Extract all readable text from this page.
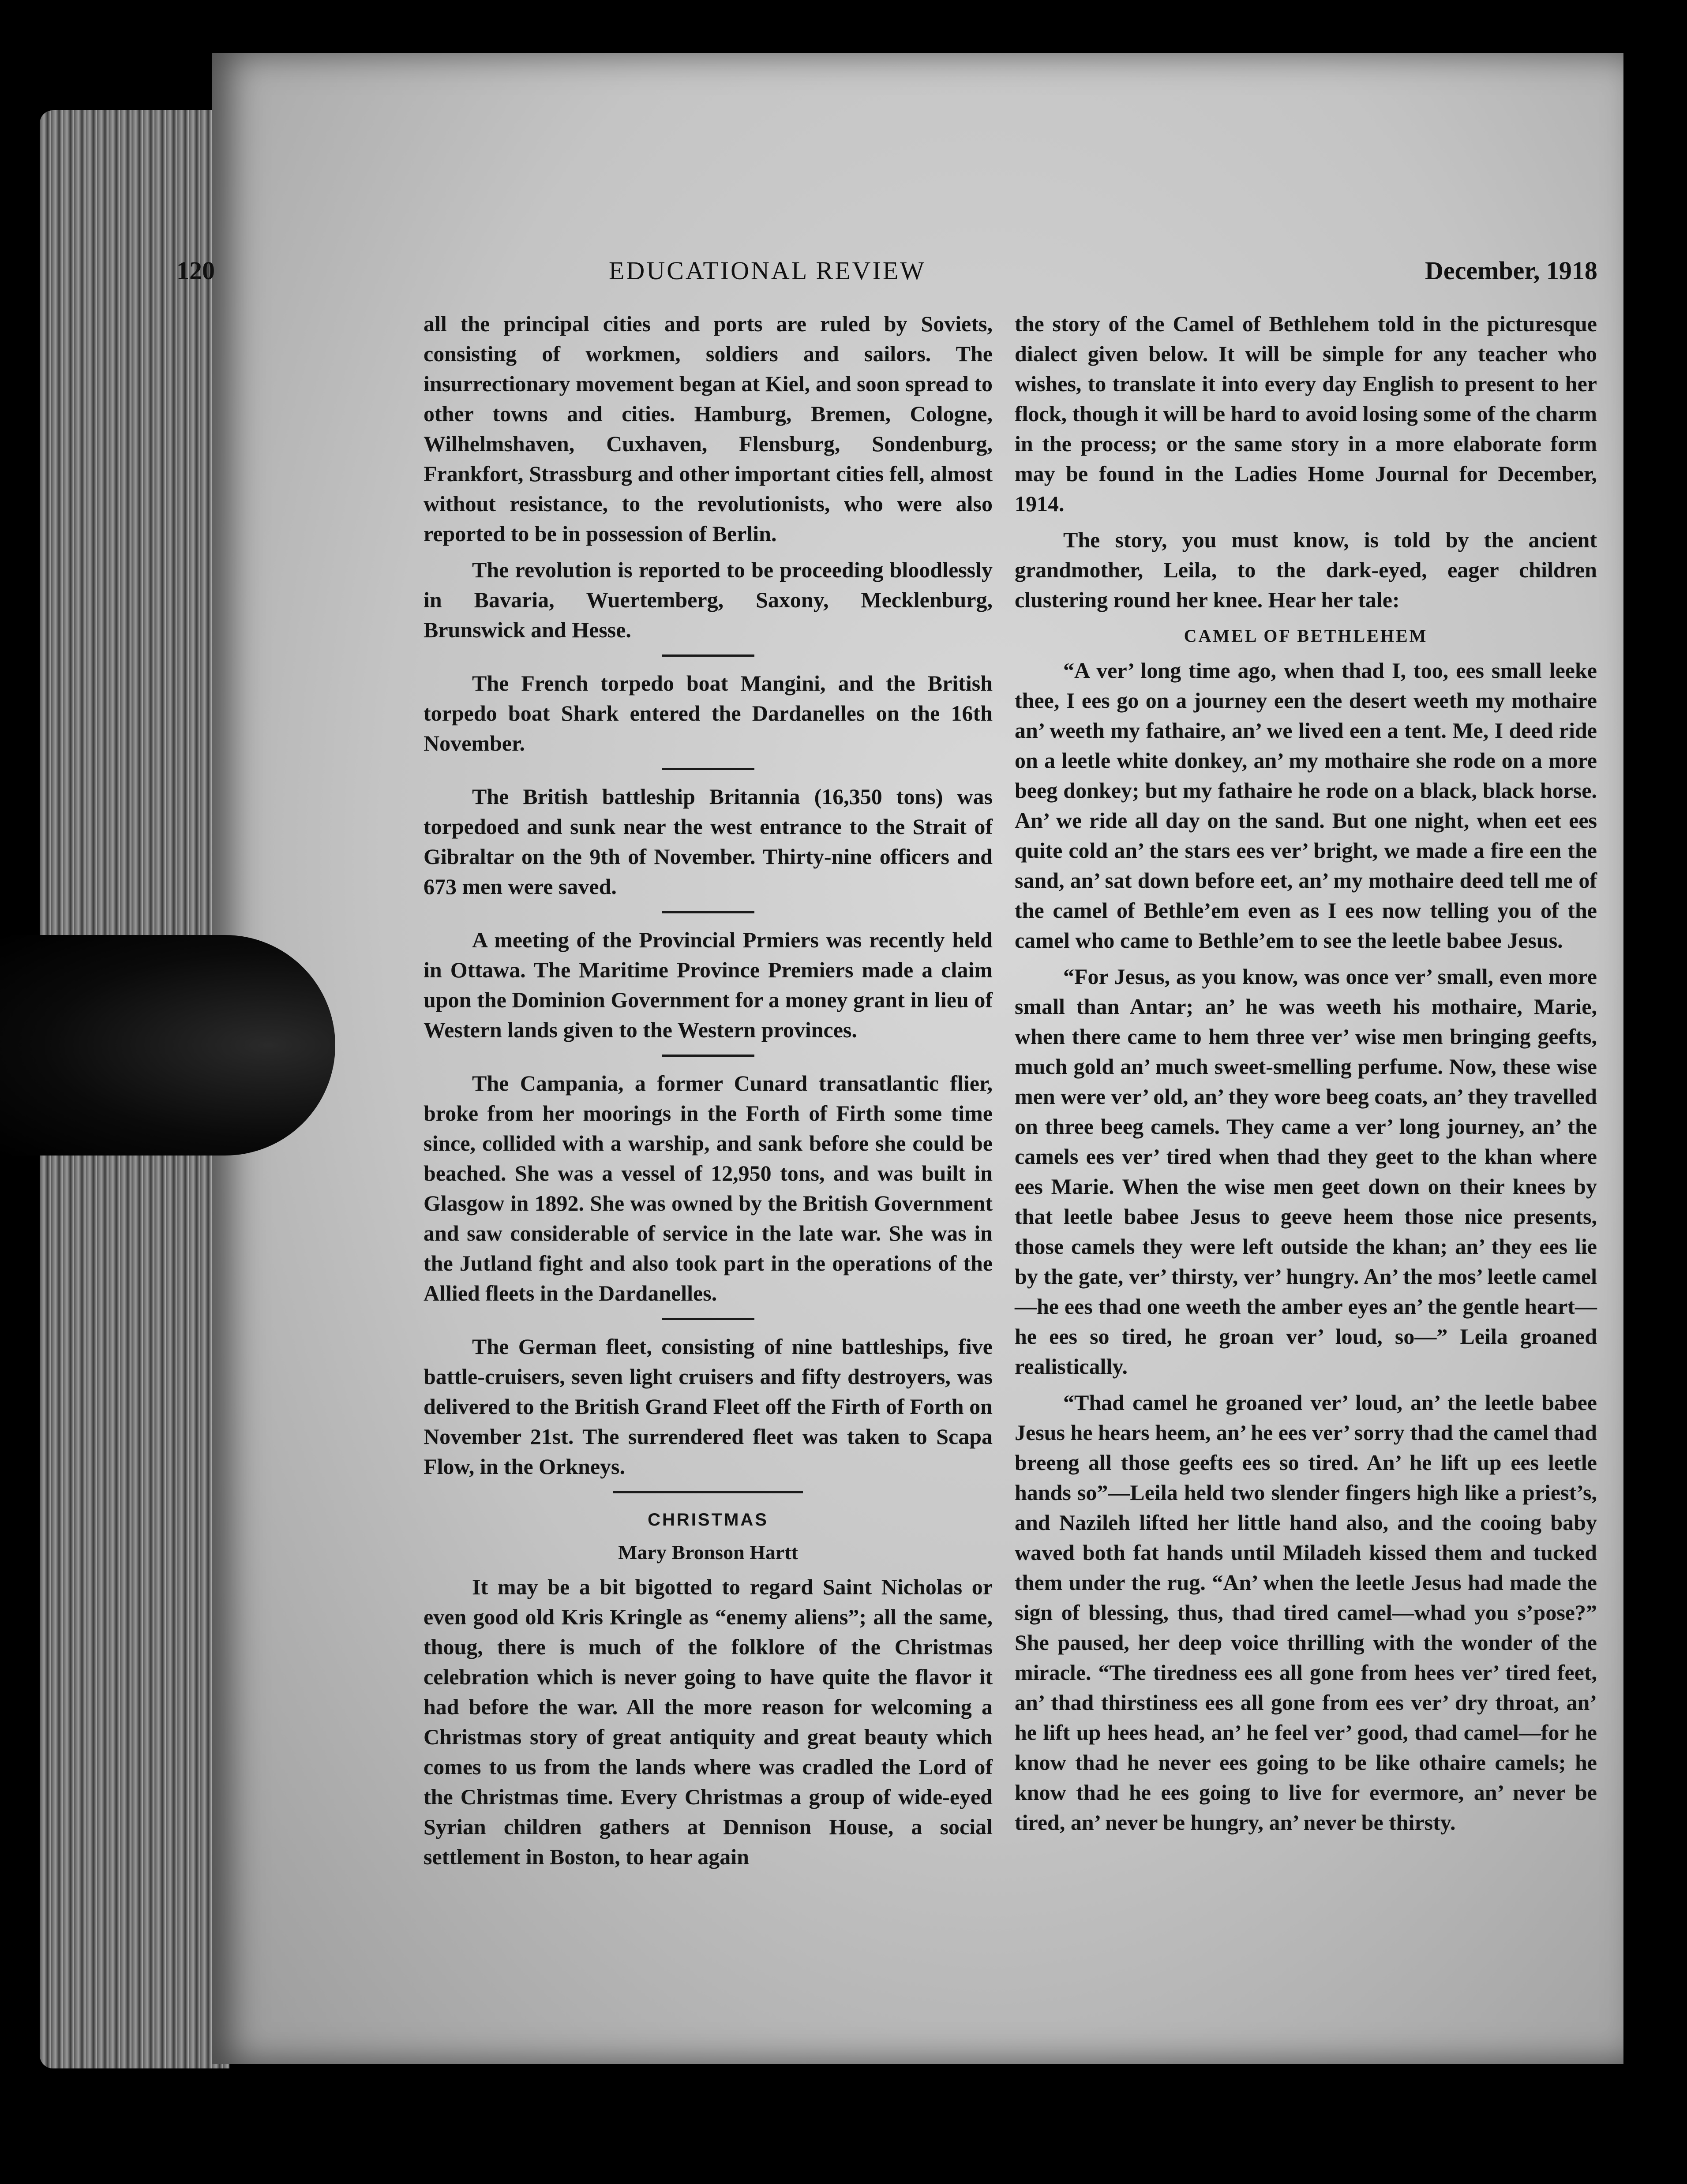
120	EDUCATIONAL REVIEW	December, 1918

all the principal cities and ports are ruled by Soviets, consisting of workmen, soldiers and sailors. The insurrectionary movement began at Kiel, and soon spread to other towns and cities. Hamburg, Bremen, Cologne, Wilhelmshaven, Cuxhaven, Flensburg, Sondenburg, Frankfort, Strassburg and other important cities fell, almost without resistance, to the revolutionists, who were also reported to be in possession of Berlin.

The revolution is reported to be proceeding bloodlessly in Bavaria, Wuertemberg, Saxony, Mecklenburg, Brunswick and Hesse.

The French torpedo boat Mangini, and the British torpedo boat Shark entered the Dardanelles on the 16th November.

The British battleship Britannia (16,350 tons) was torpedoed and sunk near the west entrance to the Strait of Gibraltar on the 9th of November. Thirty-nine officers and 673 men were saved.

A meeting of the Provincial Prmiers was recently held in Ottawa. The Maritime Province Premiers made a claim upon the Dominion Government for a money grant in lieu of Western lands given to the Western provinces.

The Campania, a former Cunard transatlantic flier, broke from her moorings in the Forth of Firth some time since, collided with a warship, and sank before she could be beached. She was a vessel of 12,950 tons, and was built in Glasgow in 1892. She was owned by the British Government and saw considerable of service in the late war. She was in the Jutland fight and also took part in the operations of the Allied fleets in the Dardanelles.

The German fleet, consisting of nine battleships, five battle-cruisers, seven light cruisers and fifty destroyers, was delivered to the British Grand Fleet off the Firth of Forth on November 21st. The surrendered fleet was taken to Scapa Flow, in the Orkneys.

CHRISTMAS
Mary Bronson Hartt

It may be a bit bigotted to regard Saint Nicholas or even good old Kris Kringle as “enemy aliens”; all the same, thoug, there is much of the folklore of the Christmas celebration which is never going to have quite the flavor it had before the war. All the more reason for welcoming a Christmas story of great antiquity and great beauty which comes to us from the lands where was cradled the Lord of the Christmas time. Every Christmas a group of wide-eyed Syrian children gathers at Dennison House, a social settlement in Boston, to hear again

the story of the Camel of Bethlehem told in the picturesque dialect given below. It will be simple for any teacher who wishes, to translate it into every day English to present to her flock, though it will be hard to avoid losing some of the charm in the process; or the same story in a more elaborate form may be found in the Ladies Home Journal for December, 1914.

The story, you must know, is told by the ancient grandmother, Leila, to the dark-eyed, eager children clustering round her knee. Hear her tale:

CAMEL OF BETHLEHEM

“A ver’ long time ago, when thad I, too, ees small leeke thee, I ees go on a journey een the desert weeth my mothaire an’ weeth my fathaire, an’ we lived een a tent. Me, I deed ride on a leetle white donkey, an’ my mothaire she rode on a more beeg donkey; but my fathaire he rode on a black, black horse. An’ we ride all day on the sand. But one night, when eet ees quite cold an’ the stars ees ver’ bright, we made a fire een the sand, an’ sat down before eet, an’ my mothaire deed tell me of the camel of Bethle’em even as I ees now telling you of the camel who came to Bethle’em to see the leetle babee Jesus.

“For Jesus, as you know, was once ver’ small, even more small than Antar; an’ he was weeth his mothaire, Marie, when there came to hem three ver’ wise men bringing geefts, much gold an’ much sweet-smelling perfume. Now, these wise men were ver’ old, an’ they wore beeg coats, an’ they travelled on three beeg camels. They came a ver’ long journey, an’ the camels ees ver’ tired when thad they geet to the khan where ees Marie. When the wise men geet down on their knees by that leetle babee Jesus to geeve heem those nice presents, those camels they were left outside the khan; an’ they ees lie by the gate, ver’ thirsty, ver’ hungry. An’ the mos’ leetle camel—he ees thad one weeth the amber eyes an’ the gentle heart—he ees so tired, he groan ver’ loud, so—” Leila groaned realistically.

“Thad camel he groaned ver’ loud, an’ the leetle babee Jesus he hears heem, an’ he ees ver’ sorry thad the camel thad breeng all those geefts ees so tired. An’ he lift up ees leetle hands so”—Leila held two slender fingers high like a priest’s, and Nazileh lifted her little hand also, and the cooing baby waved both fat hands until Miladeh kissed them and tucked them under the rug. “An’ when the leetle Jesus had made the sign of blessing, thus, thad tired camel—whad you s’pose?” She paused, her deep voice thrilling with the wonder of the miracle. “The tiredness ees all gone from hees ver’ tired feet, an’ thad thirstiness ees all gone from ees ver’ dry throat, an’ he lift up hees head, an’ he feel ver’ good, thad camel—for he know thad he never ees going to be like othaire camels; he know thad he ees going to live for evermore, an’ never be tired, an’ never be hungry, an’ never be thirsty.
